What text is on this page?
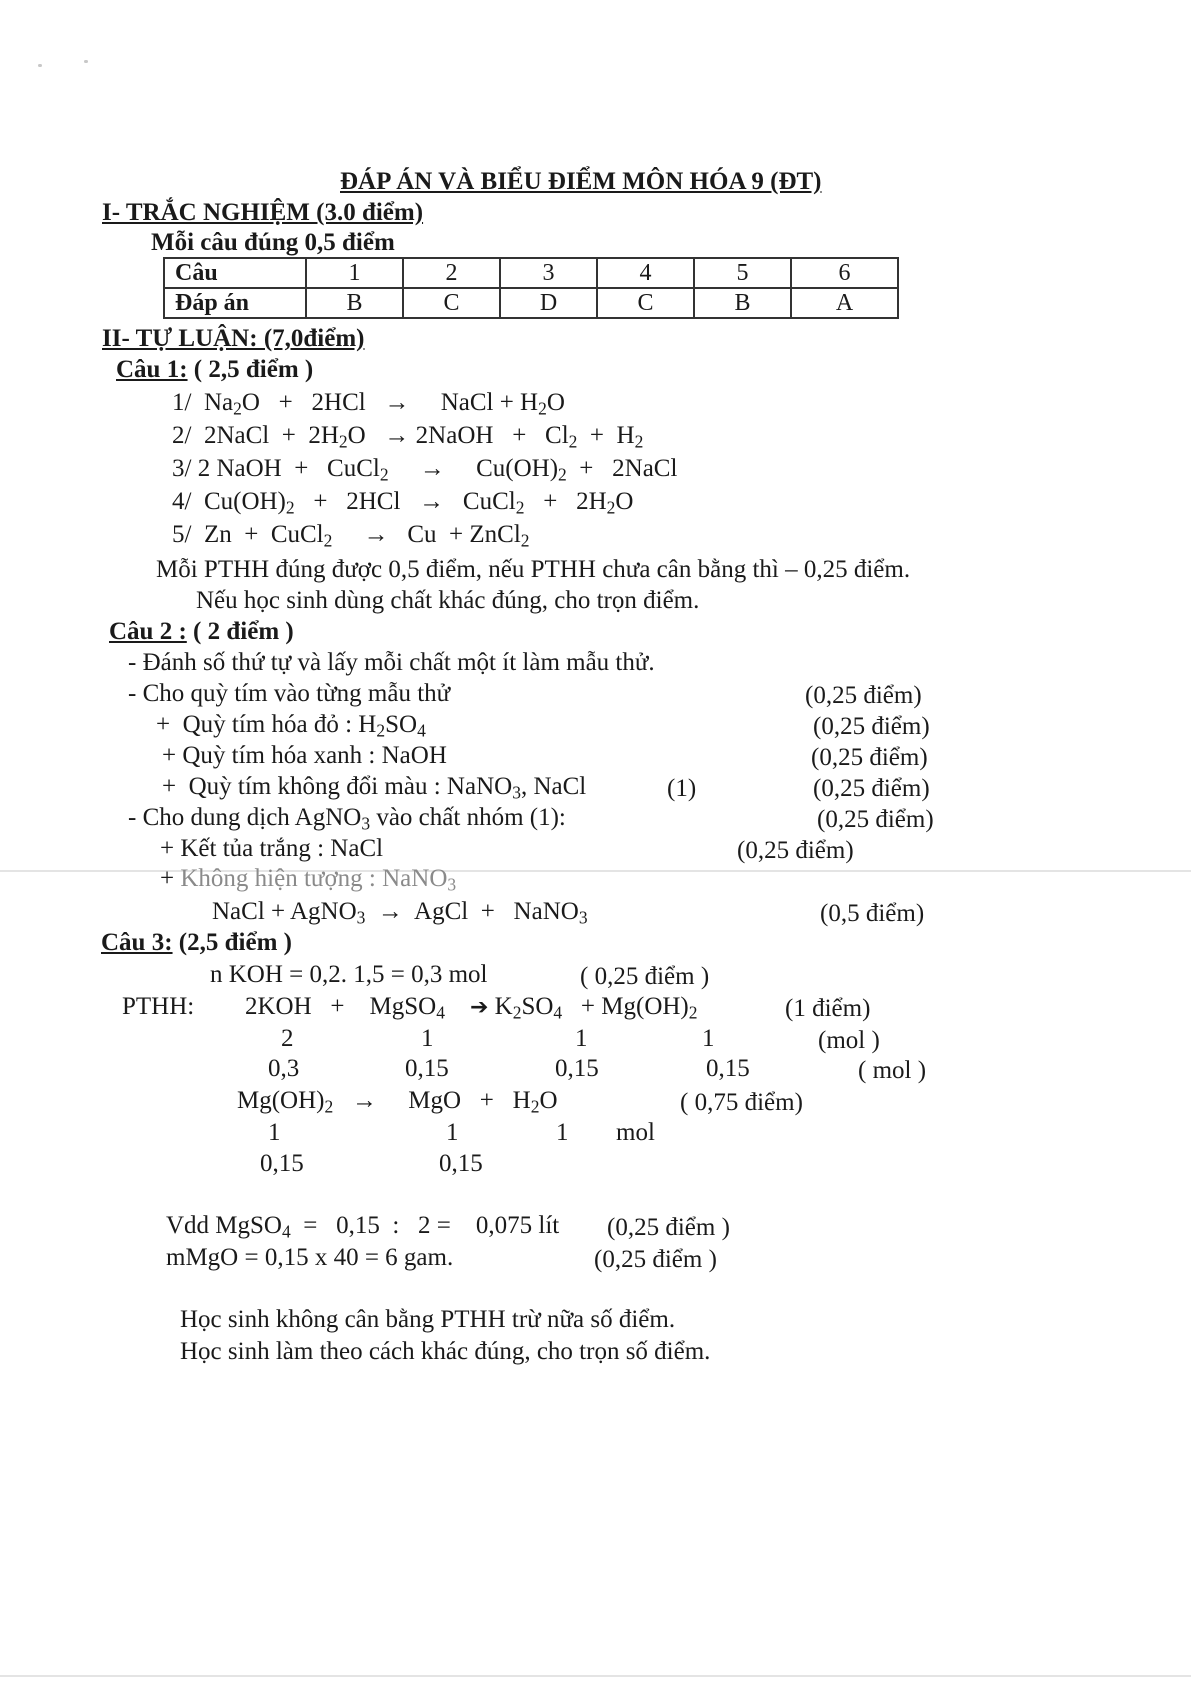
ĐÁP ÁN VÀ BIỂU ĐIỂM MÔN HÓA 9 (ĐT)
I- TRẮC NGHIỆM (3.0 điểm)
Mỗi câu đúng 0,5 điểm
Câu	1	2	3	4	5	6
Đáp án	B	C	D	C	B	A
II- TỰ LUẬN: (7,0điểm)
Câu 1: ( 2,5 điểm )
1/  $Na_2O + 2HCl$   →     NaCl + $H_2O$
2/  2NaCl  +  $2H_2O$   → 2NaOH   +   $Cl_2 + H_2$
3/ 2 NaOH  +   CuCl$_2$     →     $Cu(OH)_2$  +   2NaCl
4/  $Cu(OH)_2 + 2HCl$   →   CuCl$_2$   +   $2H_2O$
5/  Zn  +  CuCl$_2$     →   Cu  + ZnCl$_2$
Mỗi PTHH đúng được 0,5 điểm, nếu PTHH chưa cân bằng thì – 0,25 điểm.
Nếu học sinh dùng chất khác đúng, cho trọn điểm.
Câu 2 : ( 2 điểm )
- Đánh số thứ tự và lấy mỗi chất một ít làm mẫu thử.
- Cho quỳ tím vào từng mẫu thử	(0,25 điểm)
+  Quỳ tím hóa đỏ : $H_2SO_4$	(0,25 điểm)
+ Quỳ tím hóa xanh : NaOH	(0,25 điểm)
+  Quỳ tím không đổi màu : NaNO$_3$, NaCl	(1)	(0,25 điểm)
- Cho dung dịch AgNO$_3$ vào chất nhóm (1):	(0,25 điểm)
+ Kết tủa trắng : NaCl	(0,25 điểm)
+ Không hiện tượng : NaNO$_3$
NaCl + AgNO$_3$  →  AgCl  +   NaNO$_3$	(0,5 điểm)
Câu 3: (2,5 điểm )
n KOH = 0,2. 1,5 = 0,3 mol	( 0,25 điểm )
PTHH: 2KOH   +    MgSO$_4$ ➔ $K_2SO_4 + Mg(OH)_2$	(1 điểm)
2	1	1	1	(mol )
0,3	0,15	0,15	0,15	( mol )
$Mg(OH)_2$   →     MgO   +   $H_2O$	( 0,75 điểm)
1	1	1 mol
0,15	0,15
Vdd MgSO$_4$  =   0,15  :   2 =    0,075 lít (0,25 điểm )
mMgO = 0,15 x 40 = 6 gam.	(0,25 điểm )
Học sinh không cân bằng PTHH trừ nữa số điểm.
Học sinh làm theo cách khác đúng, cho trọn số điểm.
